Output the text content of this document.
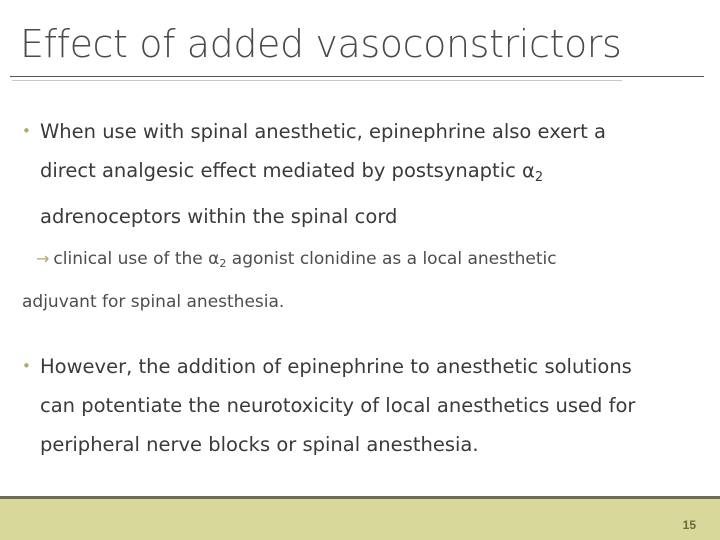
Effect of added vasoconstrictors
• When use with spinal anesthetic, epinephrine also exert a
direct analgesic effect mediated by postsynaptic $\alpha_2$
adrenoceptors within the spinal cord
→ clinical use of the α2 agonist clonidine as a local anesthetic
adjuvant for spinal anesthesia.
• However, the addition of epinephrine to anesthetic solutions
can potentiate the neurotoxicity of local anesthetics used for
peripheral nerve blocks or spinal anesthesia.
15
